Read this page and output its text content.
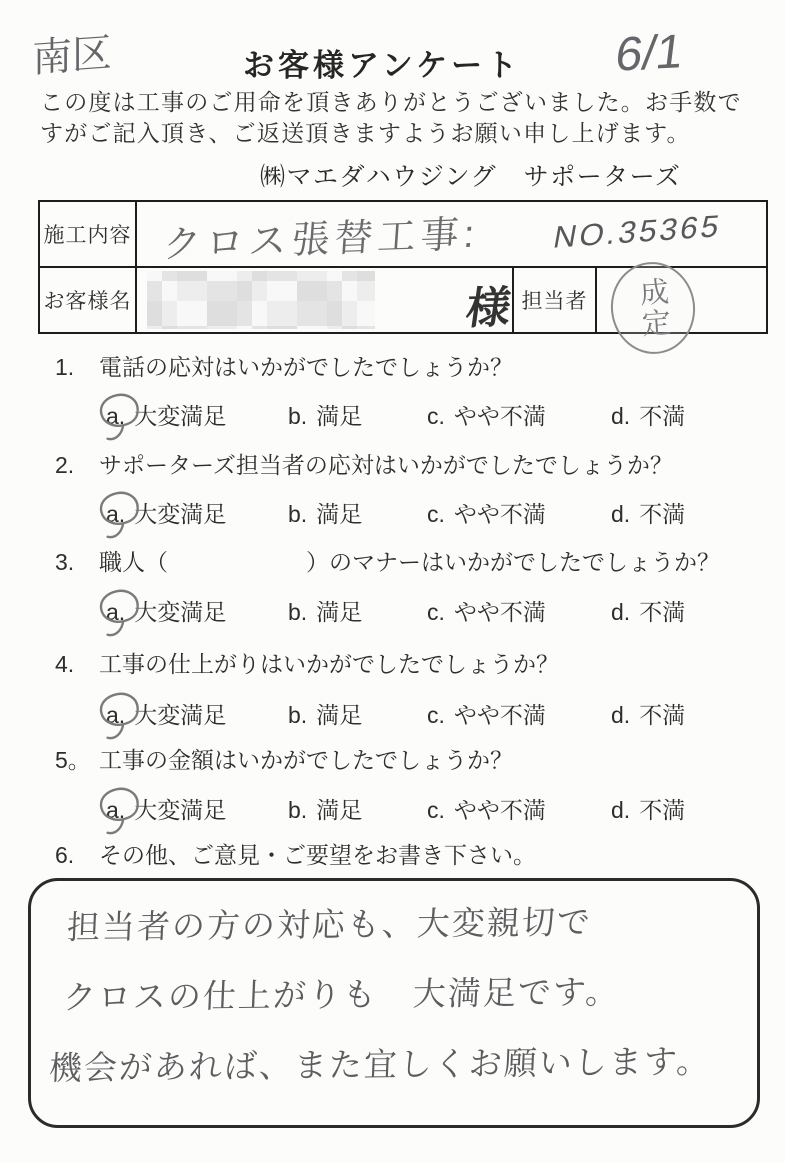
南区	お客様アンケート 6/1
この度は工事のご用命を頂きありがとうございました。お手数で
すがご記入頂き、ご返送頂きますようお願い申し上げます。
㈱マエダハウジング　サポーターズ
施工内容 クロス張替工事: NO.35365
お客様名	様 担当者	成定
1. 電話の応対はいかがでしたでしょうか？
a. 大変満足	b. 満足	c. やや不満	d. 不満
2. サポーターズ担当者の応対はいかがでしたでしょうか？
a. 大変満足	b. 満足	c. やや不満	d. 不満
3. 職人（　　　　　　）のマナーはいかがでしたでしょうか？
a. 大変満足	b. 満足	c. やや不満	d. 不満
4. 工事の仕上がりはいかがでしたでしょうか？
a. 大変満足	b. 満足	c. やや不満	d. 不満
5。 工事の金額はいかがでしたでしょうか？
a. 大変満足	b. 満足	c. やや不満	d. 不満
6. その他、ご意見・ご要望をお書き下さい。
担当者の方の対応も、大変親切で
クロスの仕上がりも　大満足です。
機会があれば、また宜しくお願いします。
